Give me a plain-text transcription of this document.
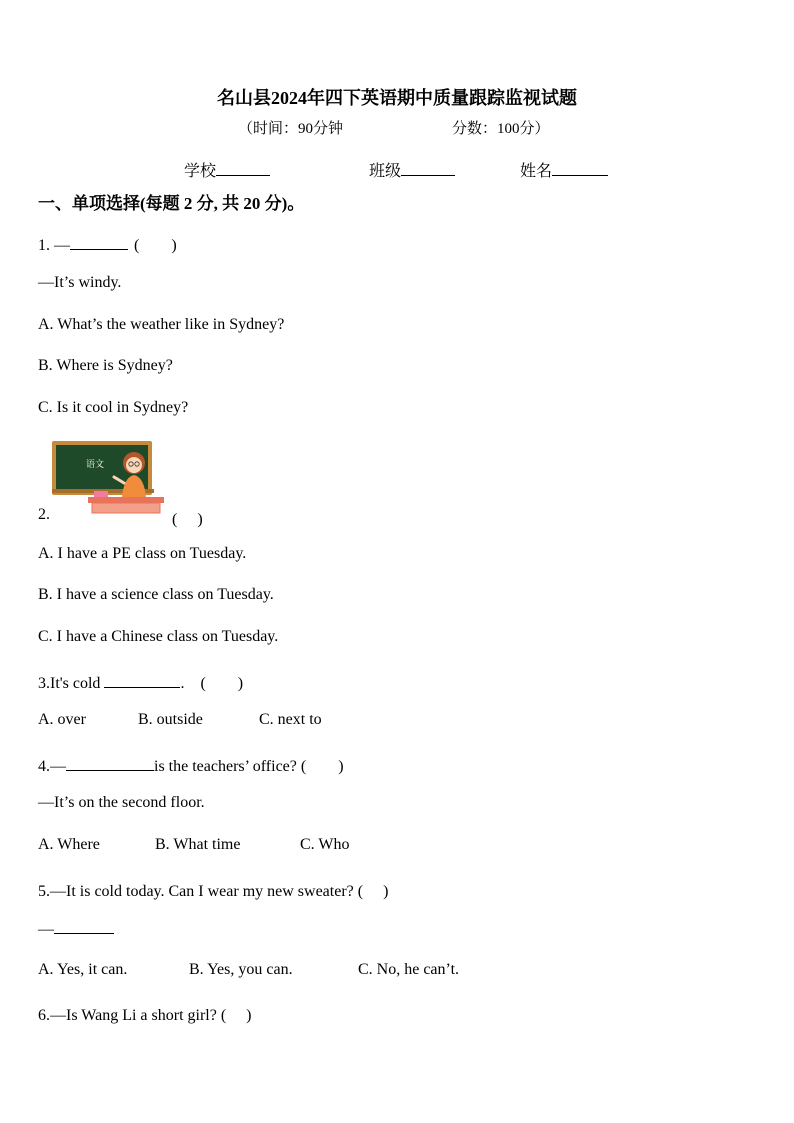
名山县2024年四下英语期中质量跟踪监视试题
（时间：90分钟	分数：100分）
学校	班级	姓名
一、单项选择(每题 2 分, 共 20 分)。
1. —	(　　)
—It’s windy.
A. What’s the weather like in Sydney?
B. Where is Sydney?
C. Is it cool in Sydney?
语文
2.	(　 )
A. I have a PE class on Tuesday.
B. I have a science class on Tuesday.
C. I have a Chinese class on Tuesday.
3.It's cold	. (　　)
A. over	B. outside	C. next to
4.—	is the teachers’ office? (　　)
—It’s on the second floor.
A. Where	B. What time	C. Who
5.—It is cold today. Can I wear my new sweater? (　 )
—
A. Yes, it can.	B. Yes, you can.	C. No, he can’t.
6.—Is Wang Li a short girl? (　 )
